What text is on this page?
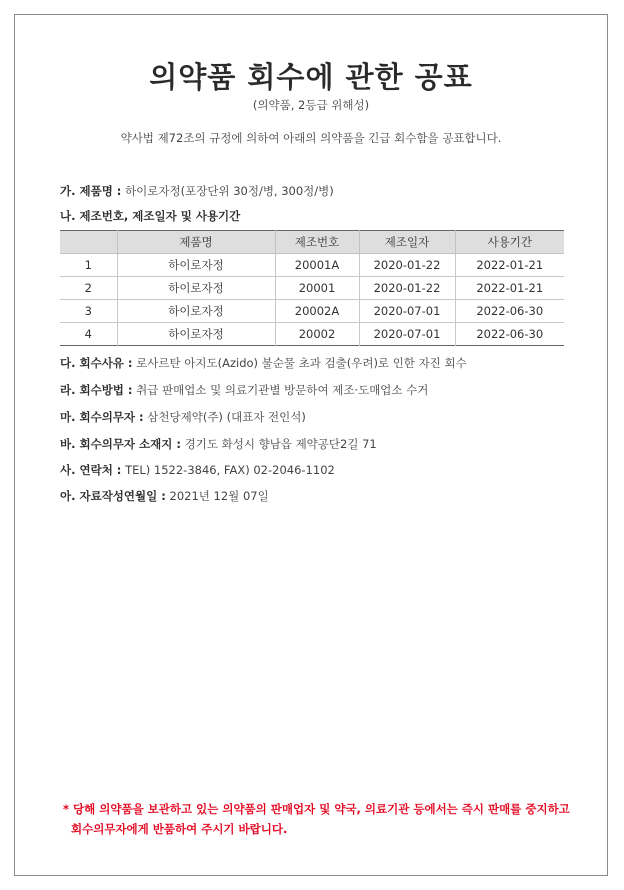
의약품 회수에 관한 공표
(의약품, 2등급 위해성)
약사법 제72조의 규정에 의하여 아래의 의약품을 긴급 회수함을 공표합니다.
가. 제품명 : 하이로자정(포장단위 30정/병, 300정/병)
나. 제조번호, 제조일자 및 사용기간
	제품명	제조번호	제조일자	사용기간
1	하이로자정	20001A	2020-01-22	2022-01-21
2	하이로자정	20001	2020-01-22	2022-01-21
3	하이로자정	20002A	2020-07-01	2022-06-30
4	하이로자정	20002	2020-07-01	2022-06-30
다. 회수사유 : 로사르탄 아지도(Azido) 불순물 초과 검출(우려)로 인한 자진 회수
라. 회수방법 : 취급 판매업소 및 의료기관별 방문하여 제조·도매업소 수거
마. 회수의무자 : 삼천당제약(주) (대표자 전인석)
바. 회수의무자 소재지 : 경기도 화성시 향남읍 제약공단2길 71
사. 연락처 : TEL) 1522-3846, FAX) 02-2046-1102
아. 자료작성연월일 : 2021년 12월 07일
* 당해 의약품을 보관하고 있는 의약품의 판매업자 및 약국, 의료기관 등에서는 즉시 판매를 중지하고
회수의무자에게 반품하여 주시기 바랍니다.
